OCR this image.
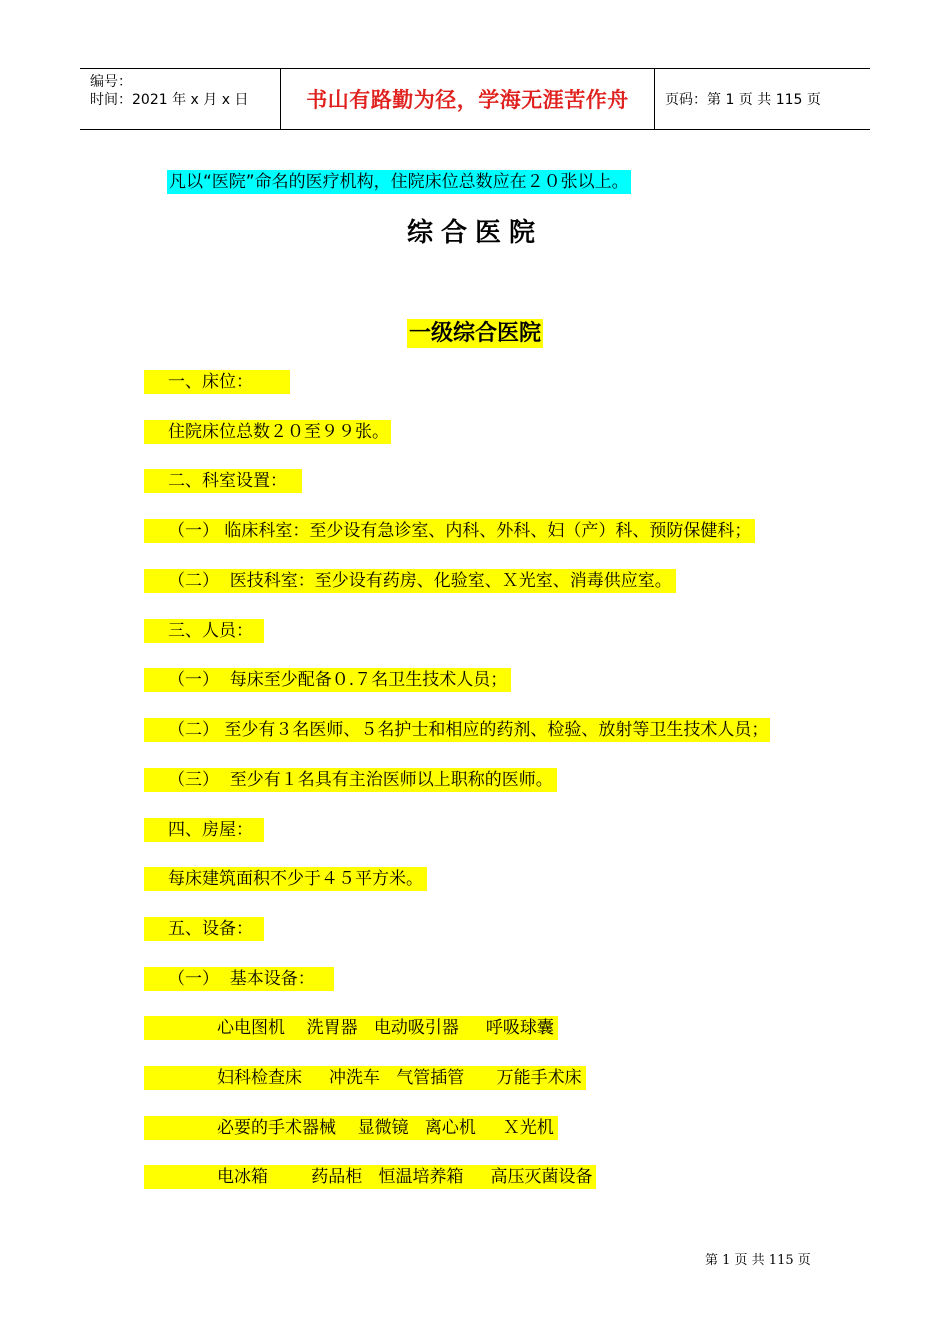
编号：
时间：2021 年 x 月 x 日	书山有路勤为径，学海无涯苦作舟	页码：第 1 页 共 115 页
凡以“医院”命名的医疗机构，住院床位总数应在２０张以上。
综合医院
一级综合医院
一、床位：
住院床位总数２０至９９张。
二、科室设置：
（一） 临床科室：至少设有急诊室、内科、外科、妇（产）科、预防保健科；
（二）  医技科室：至少设有药房、化验室、Ｘ光室、消毒供应室。
三、人员：
（一）  每床至少配备０.７名卫生技术人员；
（二） 至少有３名医师、５名护士和相应的药剂、检验、放射等卫生技术人员；
（三）  至少有１名具有主治医师以上职称的医师。
四、房屋：
每床建筑面积不少于４５平方米。
五、设备：
（一）  基本设备：
心电图机    洗胃器   电动吸引器     呼吸球囊
妇科检查床     冲洗车   气管插管      万能手术床
必要的手术器械    显微镜   离心机     Ｘ光机
电冰箱        药品柜   恒温培养箱     高压灭菌设备
第 1 页 共 115 页
